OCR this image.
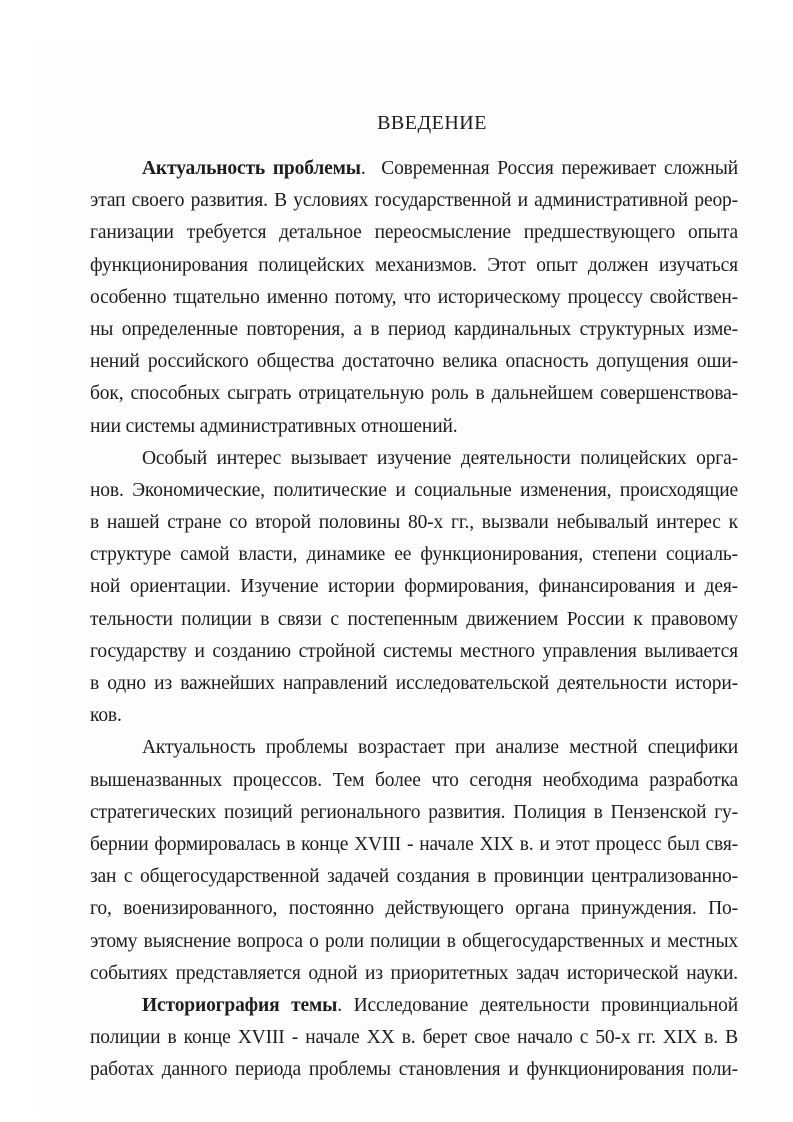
ВВЕДЕНИЕ
Актуальность проблемы.  Современная Россия переживает сложный
этап своего развития. В условиях государственной и административной реор-
ганизации требуется детальное переосмысление предшествующего опыта
функционирования полицейских механизмов. Этот опыт должен изучаться
особенно тщательно именно потому, что историческому процессу свойствен-
ны определенные повторения, а в период кардинальных структурных изме-
нений российского общества достаточно велика опасность допущения оши-
бок, способных сыграть отрицательную роль в дальнейшем совершенствова-
нии системы административных отношений.
Особый интерес вызывает изучение деятельности полицейских орга-
нов. Экономические, политические и социальные изменения, происходящие
в нашей стране со второй половины 80-х гг., вызвали небывалый интерес к
структуре самой власти, динамике ее функционирования, степени социаль-
ной ориентации. Изучение истории формирования, финансирования и дея-
тельности полиции в связи с постепенным движением России к правовому
государству и созданию стройной системы местного управления выливается
в одно из важнейших направлений исследовательской деятельности истори-
ков.
Актуальность проблемы возрастает при анализе местной специфики
вышеназванных процессов. Тем более что сегодня необходима разработка
стратегических позиций регионального развития. Полиция в Пензенской гу-
бернии формировалась в конце XVIII - начале XIX в. и этот процесс был свя-
зан с общегосударственной задачей создания в провинции централизованно-
го, военизированного, постоянно действующего органа принуждения. По-
этому выяснение вопроса о роли полиции в общегосударственных и местных
событиях представляется одной из приоритетных задач исторической науки.
Историография темы. Исследование деятельности провинциальной
полиции в конце XVIII - начале XX в. берет свое начало с 50-х гг. XIX в. В
работах данного периода проблемы становления и функционирования поли-
